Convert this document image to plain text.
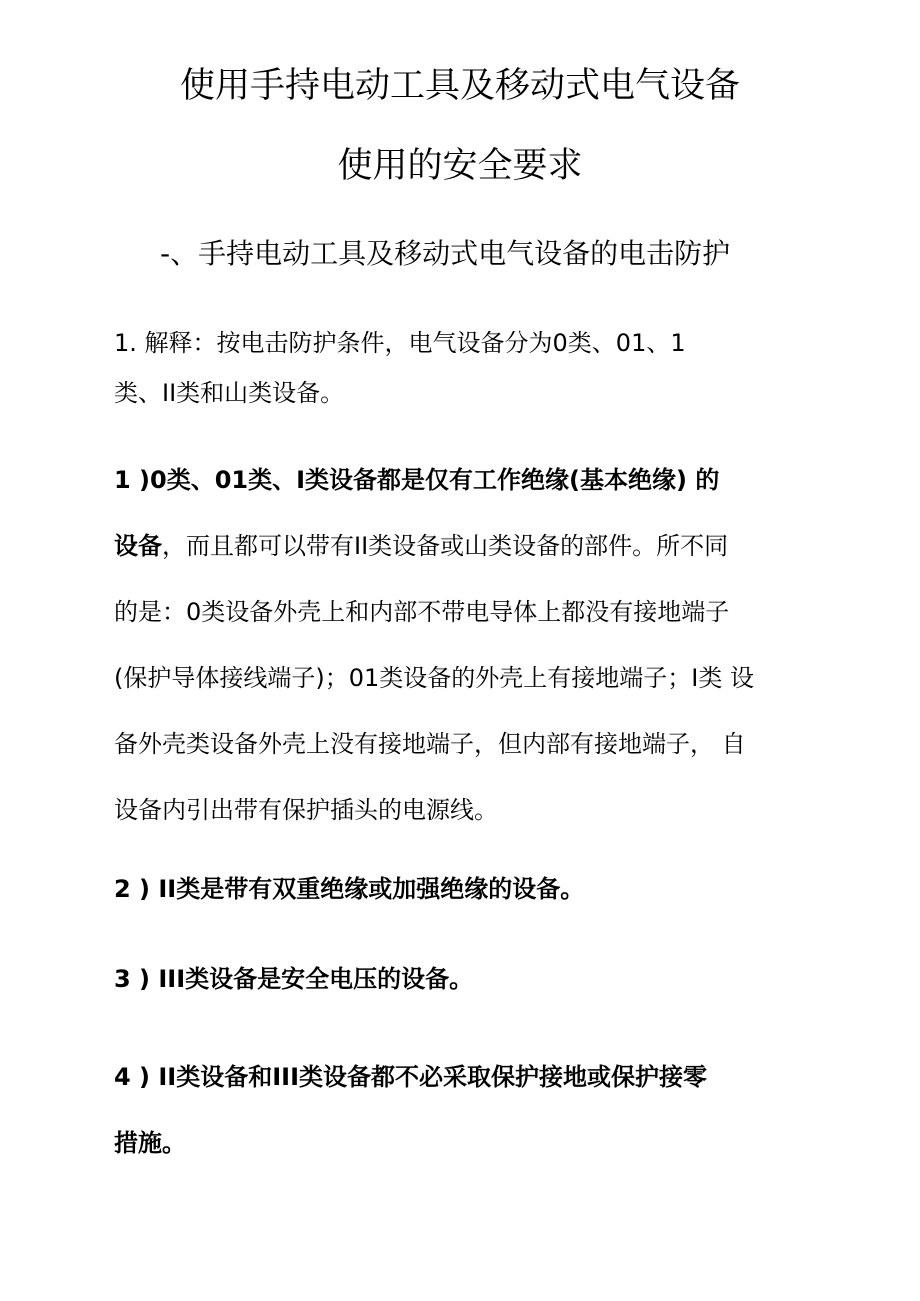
使用手持电动工具及移动式电气设备
使用的安全要求
-、手持电动工具及移动式电气设备的电击防护

1. 解释：按电击防护条件，电气设备分为0类、01、1
类、II类和山类设备。

1 )0类、01类、I类设备都是仅有工作绝缘(基本绝缘) 的
设备，而且都可以带有II类设备或山类设备的部件。所不同
的是：0类设备外壳上和内部不带电导体上都没有接地端子
(保护导体接线端子)；01类设备的外壳上有接地端子；I类 设
备外壳类设备外壳上没有接地端子，但内部有接地端子， 自
设备内引出带有保护插头的电源线。

2 ) II类是带有双重绝缘或加强绝缘的设备。

3 ) III类设备是安全电压的设备。

4 ) II类设备和III类设备都不必采取保护接地或保护接零
措施。
